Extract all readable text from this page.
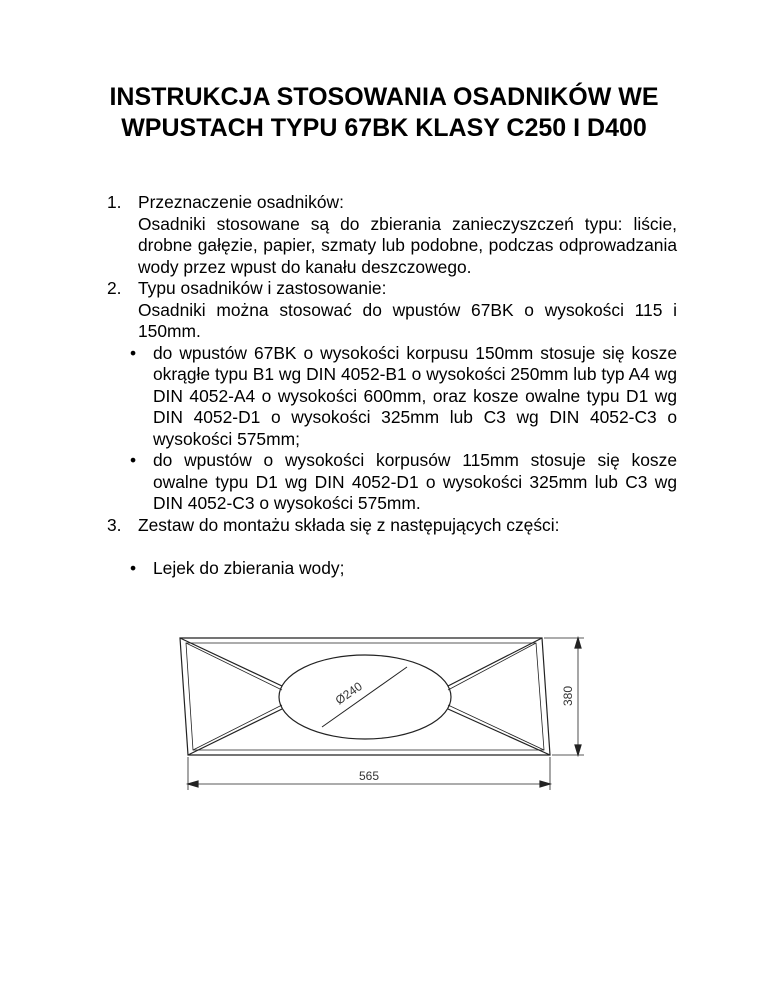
INSTRUKCJA STOSOWANIA OSADNIKÓW WE
WPUSTACH TYPU 67BK KLASY C250 I D400
1. Przeznaczenie osadników:
Osadniki stosowane są do zbierania zanieczyszczeń typu: liście, drobne gałęzie, papier, szmaty lub podobne, podczas odprowadzania wody przez wpust do kanału deszczowego.
2. Typu osadników i zastosowanie:
Osadniki można stosować do wpustów 67BK o wysokości 115 i 150mm.
• do wpustów 67BK o wysokości korpusu 150mm stosuje się kosze okrągłe typu B1 wg DIN 4052-B1 o wysokości 250mm lub typ A4 wg DIN 4052-A4 o wysokości 600mm, oraz kosze owalne typu D1 wg DIN 4052-D1 o wysokości 325mm lub C3 wg DIN 4052-C3 o wysokości 575mm;
• do wpustów o wysokości korpusów 115mm stosuje się kosze owalne typu D1 wg DIN 4052-D1 o wysokości 325mm lub C3 wg DIN 4052-C3 o wysokości 575mm.
3. Zestaw do montażu składa się z następujących części:
• Lejek do zbierania wody;
Ø240
565
380
